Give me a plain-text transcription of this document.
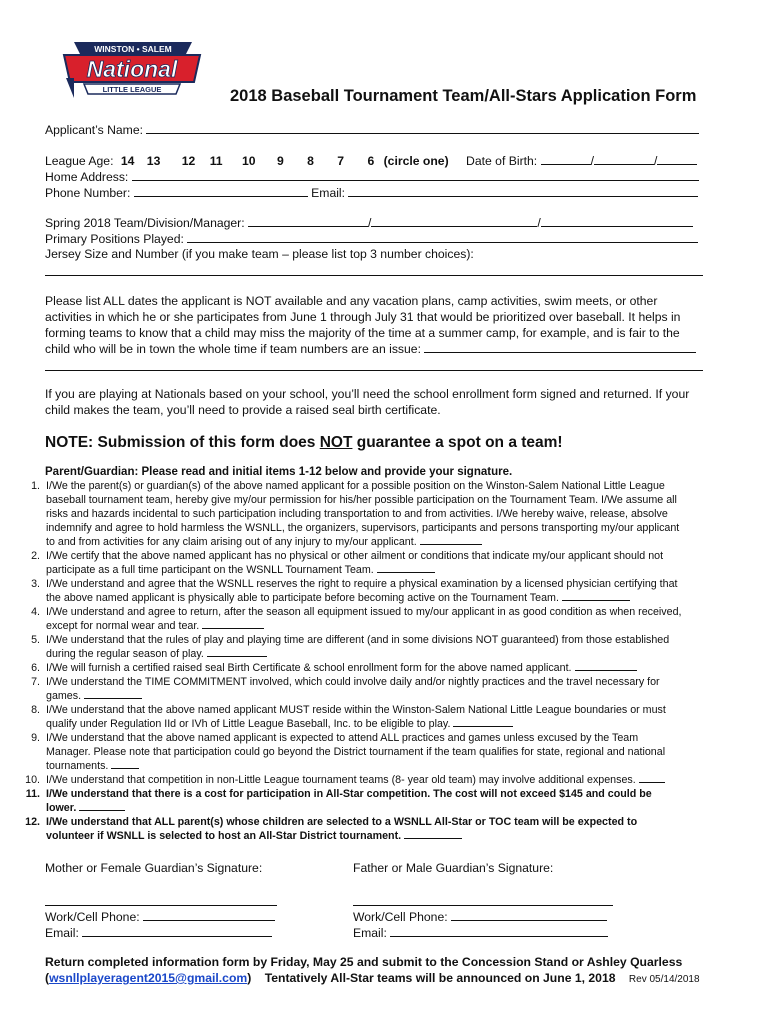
WINSTON • SALEM
National
LITTLE LEAGUE	2018 Baseball Tournament Team/All-Stars Application Form
Applicant’s Name:
League Age: 14 13 12 11 10 9 8 7 6 (circle one) Date of Birth:	/	/
Home Address:
Phone Number:	Email:
Spring 2018 Team/Division/Manager:	/	/
Primary Positions Played:
Jersey Size and Number (if you make team – please list top 3 number choices):
Please list ALL dates the applicant is NOT available and any vacation plans, camp activities, swim meets, or other
activities in which he or she participates from June 1 through July 31 that would be prioritized over baseball. It helps in
forming teams to know that a child may miss the majority of the time at a summer camp, for example, and is fair to the
child who will be in town the whole time if team numbers are an issue:
If you are playing at Nationals based on your school, you’ll need the school enrollment form signed and returned. If your
child makes the team, you’ll need to provide a raised seal birth certificate.
NOTE: Submission of this form does NOT guarantee a spot on a team!
Parent/Guardian: Please read and initial items 1-12 below and provide your signature.
1. I/We the parent(s) or guardian(s) of the above named applicant for a possible position on the Winston-Salem National Little League
baseball tournament team, hereby give my/our permission for his/her possible participation on the Tournament Team. I/We assume all
risks and hazards incidental to such participation including transportation to and from activities. I/We hereby waive, release, absolve
indemnify and agree to hold harmless the WSNLL, the organizers, supervisors, participants and persons transporting my/our applicant
to and from activities for any claim arising out of any injury to my/our applicant.
2. I/We certify that the above named applicant has no physical or other ailment or conditions that indicate my/our applicant should not
participate as a full time participant on the WSNLL Tournament Team.
3. I/We understand and agree that the WSNLL reserves the right to require a physical examination by a licensed physician certifying that
the above named applicant is physically able to participate before becoming active on the Tournament Team.
4. I/We understand and agree to return, after the season all equipment issued to my/our applicant in as good condition as when received,
except for normal wear and tear.
5. I/We understand that the rules of play and playing time are different (and in some divisions NOT guaranteed) from those established
during the regular season of play.
6. I/We will furnish a certified raised seal Birth Certificate & school enrollment form for the above named applicant.
7. I/We understand the TIME COMMITMENT involved, which could involve daily and/or nightly practices and the travel necessary for
games.
8. I/We understand that the above named applicant MUST reside within the Winston-Salem National Little League boundaries or must
qualify under Regulation IId or IVh of Little League Baseball, Inc. to be eligible to play.
9. I/We understand that the above named applicant is expected to attend ALL practices and games unless excused by the Team
Manager. Please note that participation could go beyond the District tournament if the team qualifies for state, regional and national
tournaments.
10. I/We understand that competition in non-Little League tournament teams (8- year old team) may involve additional expenses.
11. I/We understand that there is a cost for participation in All-Star competition. The cost will not exceed $145 and could be
lower.
12. I/We understand that ALL parent(s) whose children are selected to a WSNLL All-Star or TOC team will be expected to
volunteer if WSNLL is selected to host an All-Star District tournament.
Mother or Female Guardian’s Signature:	Father or Male Guardian’s Signature:
Work/Cell Phone:	Work/Cell Phone:
Email:	Email:
Return completed information form by Friday, May 25 and submit to the Concession Stand or Ashley Quarless
(wsnllplayeragent2015@gmail.com) Tentatively All-Star teams will be announced on June 1, 2018 Rev 05/14/2018
